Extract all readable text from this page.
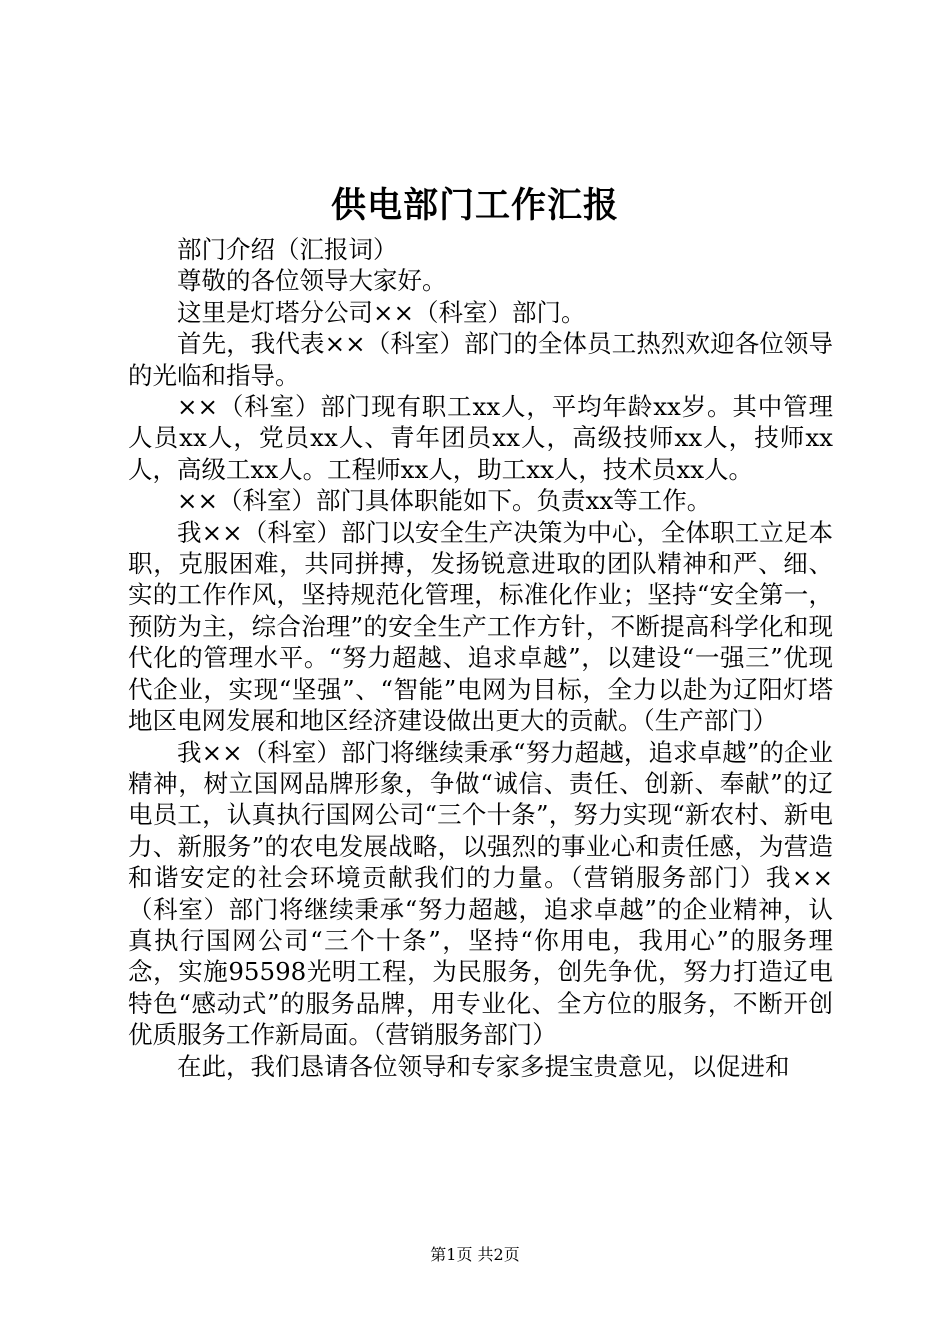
供电部门工作汇报

部门介绍（汇报词）

尊敬的各位领导大家好。

这里是灯塔分公司××（科室）部门。

首先，我代表××（科室）部门的全体员工热烈欢迎各位领导的光临和指导。

××（科室）部门现有职工xx人，平均年龄xx岁。其中管理人员xx人，党员xx人、青年团员xx人，高级技师xx人，技师xx人，高级工xx人。工程师xx人，助工xx人，技术员xx人。

××（科室）部门具体职能如下。负责xx等工作。

我××（科室）部门以安全生产决策为中心，全体职工立足本职，克服困难，共同拼搏，发扬锐意进取的团队精神和严、细、实的工作作风，坚持规范化管理，标准化作业；坚持“安全第一，预防为主，综合治理”的安全生产工作方针，不断提高科学化和现代化的管理水平。“努力超越、追求卓越”，以建设“一强三”优现代企业，实现“坚强”、“智能”电网为目标，全力以赴为辽阳灯塔地区电网发展和地区经济建设做出更大的贡献。（生产部门）

我××（科室）部门将继续秉承“努力超越，追求卓越”的企业精神，树立国网品牌形象，争做“诚信、责任、创新、奉献”的辽电员工，认真执行国网公司“三个十条”，努力实现“新农村、新电力、新服务”的农电发展战略，以强烈的事业心和责任感，为营造和谐安定的社会环境贡献我们的力量。（营销服务部门）我××（科室）部门将继续秉承“努力超越，追求卓越”的企业精神，认真执行国网公司“三个十条”，坚持“你用电，我用心”的服务理念，实施95598光明工程，为民服务，创先争优，努力打造辽电特色“感动式”的服务品牌，用专业化、全方位的服务，不断开创优质服务工作新局面。（营销服务部门）

在此，我们恳请各位领导和专家多提宝贵意见，以促进和

第1页 共2页
